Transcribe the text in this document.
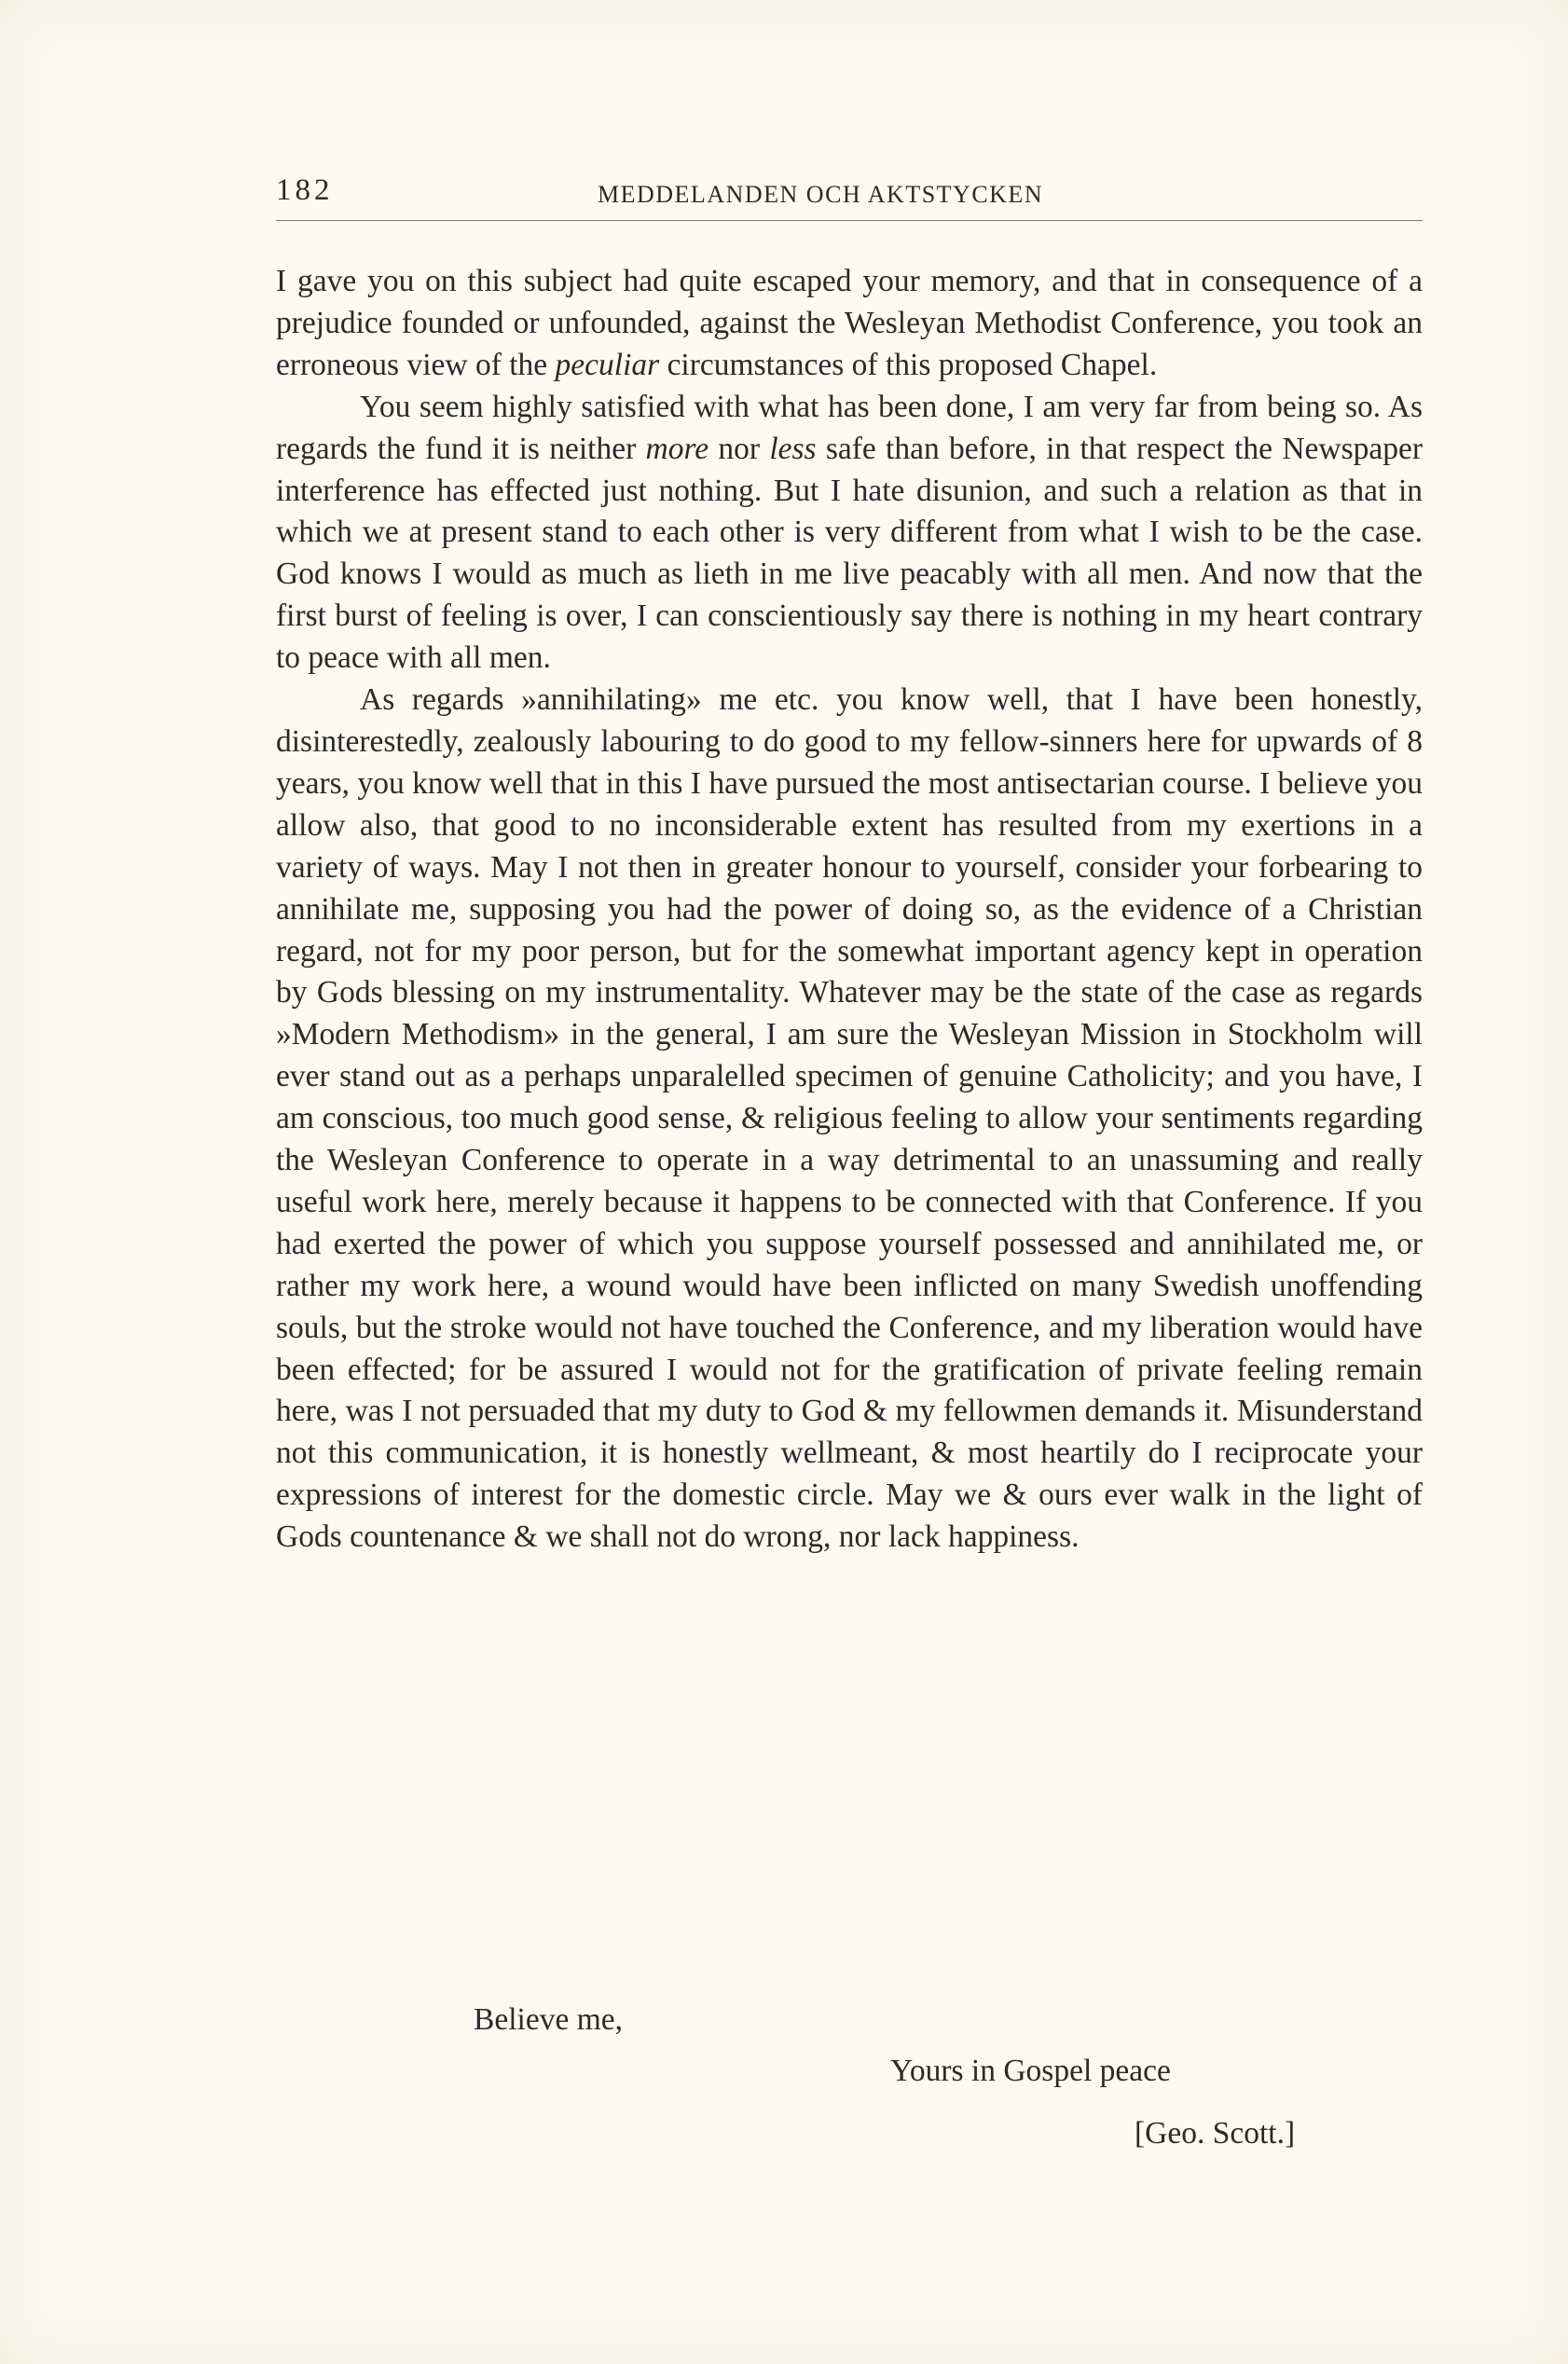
182	MEDDELANDEN OCH AKTSTYCKEN

I gave you on this subject had quite escaped your memory, and that in consequence of a prejudice founded or unfounded, against the Wesleyan Methodist Conference, you took an erroneous view of the peculiar circumstances of this proposed Chapel.

You seem highly satisfied with what has been done, I am very far from being so. As regards the fund it is neither more nor less safe than before, in that respect the Newspaper interference has effected just nothing. But I hate disunion, and such a relation as that in which we at present stand to each other is very different from what I wish to be the case. God knows I would as much as lieth in me live peacably with all men. And now that the first burst of feeling is over, I can conscientiously say there is nothing in my heart contrary to peace with all men.

As regards »annihilating» me etc. you know well, that I have been honestly, disinterestedly, zealously labouring to do good to my fellow-sinners here for upwards of 8 years, you know well that in this I have pursued the most antisectarian course. I believe you allow also, that good to no inconsiderable extent has resulted from my exertions in a variety of ways. May I not then in greater honour to yourself, consider your forbearing to annihilate me, supposing you had the power of doing so, as the evidence of a Christian regard, not for my poor person, but for the somewhat important agency kept in operation by Gods blessing on my instrumentality. Whatever may be the state of the case as regards »Modern Methodism» in the general, I am sure the Wesleyan Mission in Stockholm will ever stand out as a perhaps unparalelled specimen of genuine Catholicity; and you have, I am conscious, too much good sense, & religious feeling to allow your sentiments regarding the Wesleyan Conference to operate in a way detrimental to an unassuming and really useful work here, merely because it happens to be connected with that Conference. If you had exerted the power of which you suppose yourself possessed and annihilated me, or rather my work here, a wound would have been inflicted on many Swedish unoffending souls, but the stroke would not have touched the Conference, and my liberation would have been effected; for be assured I would not for the gratification of private feeling remain here, was I not persuaded that my duty to God & my fellowmen demands it. Misunderstand not this communication, it is honestly wellmeant, & most heartily do I reciprocate your expressions of interest for the domestic circle. May we & ours ever walk in the light of Gods countenance & we shall not do wrong, nor lack happiness.

Believe me,
Yours in Gospel peace
[Geo. Scott.]
